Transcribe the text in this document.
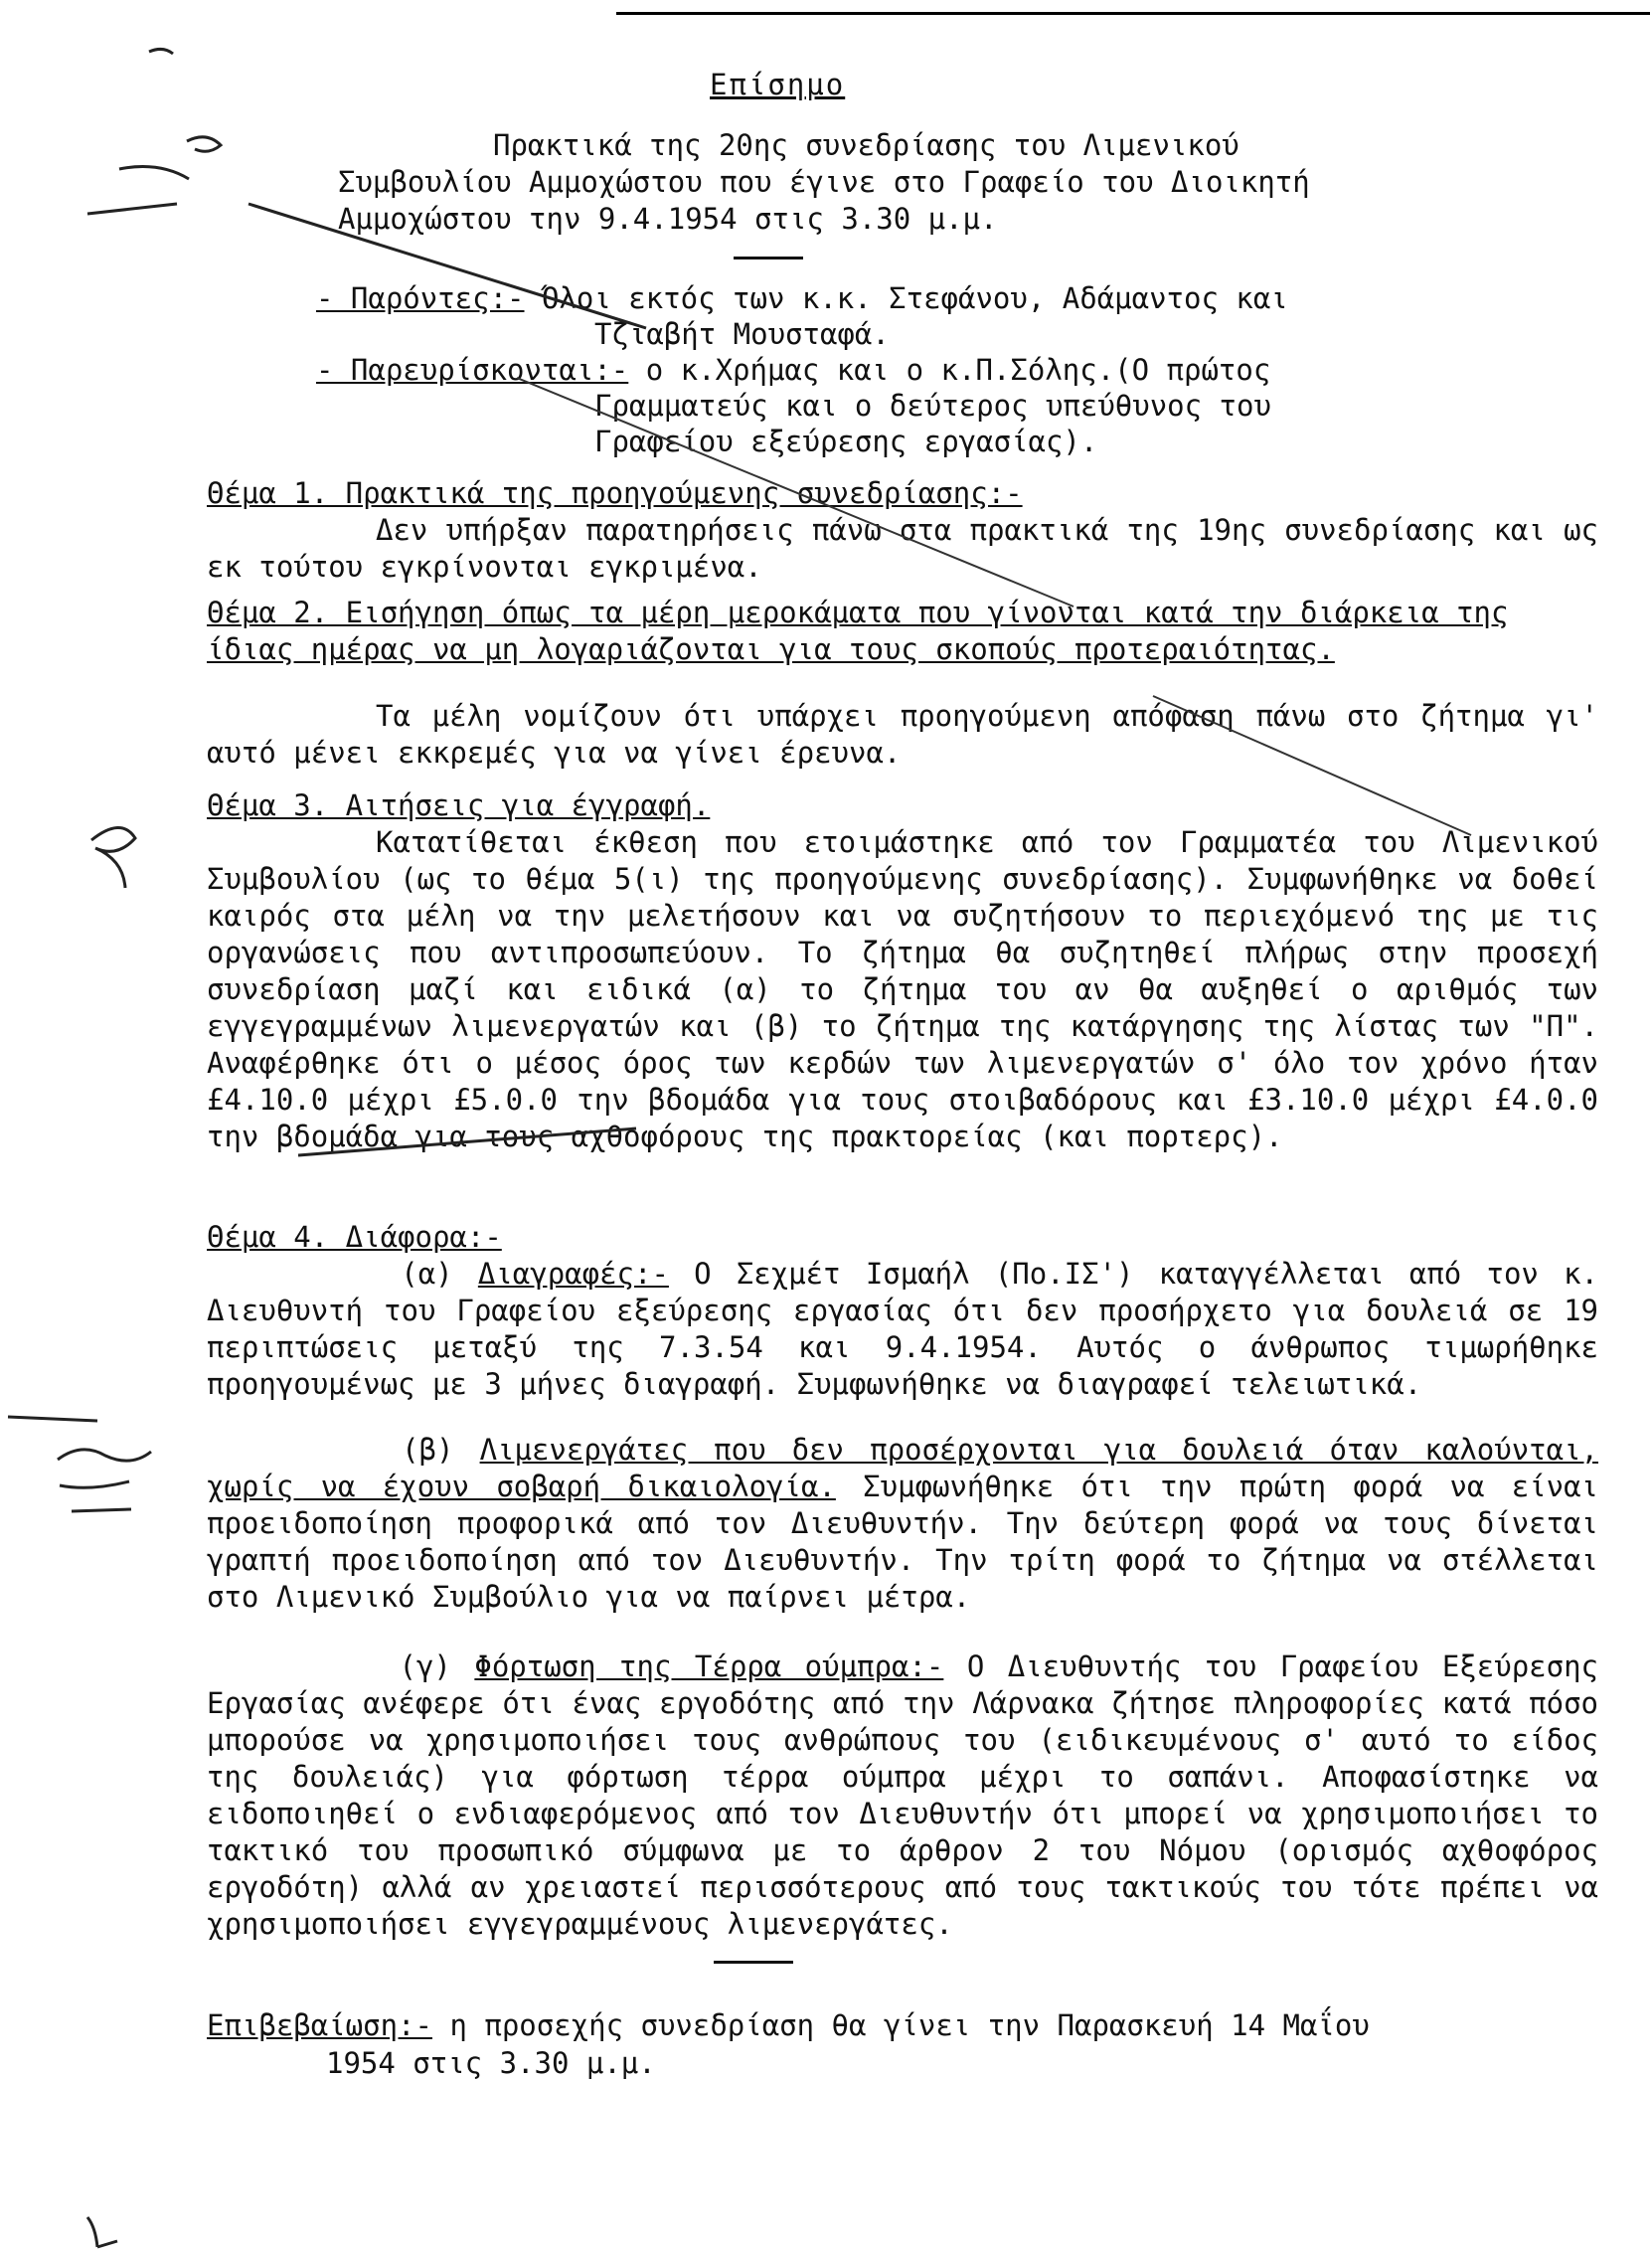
Επίσημο
Πρακτικά της 20ης συνεδρίασης του Λιμενικού
Συμβουλίου Αμμοχώστου που έγινε στο Γραφείο του Διοικητή
Αμμοχώστου την 9.4.1954 στις 3.30 μ.μ.
- Παρόντες:- Όλοι εκτός των κ.κ. Στεφάνου, Αδάμαντος και
Τζιαβήτ Μουσταφά.
- Παρευρίσκονται:- ο κ.Χρήμας και ο κ.Π.Σόλης.(Ο πρώτος
Γραμματεύς και ο δεύτερος υπεύθυνος του
Γραφείου εξεύρεσης εργασίας).
Θέμα 1. Πρακτικά της προηγούμενης συνεδρίασης:-
Δεν υπήρξαν παρατηρήσεις πάνω στα πρακτικά της 19ης συνεδρίασης και ως εκ τούτου εγκρίνονται εγκριμένα.
Θέμα 2. Εισήγηση όπως τα μέρη μεροκάματα που γίνονται κατά την διάρκεια της ίδιας ημέρας να μη λογαριάζονται για τους σκοπούς προτεραιότητας.
Τα μέλη νομίζουν ότι υπάρχει προηγούμενη απόφαση πάνω στο ζήτημα γι' αυτό μένει εκκρεμές για να γίνει έρευνα.
Θέμα 3. Αιτήσεις για έγγραφή.
Κατατίθεται έκθεση που ετοιμάστηκε από τον Γραμματέα του Λιμενικού Συμβουλίου (ως το θέμα 5(ι) της προηγούμενης συνεδρίασης). Συμφωνήθηκε να δοθεί καιρός στα μέλη να την μελετήσουν και να συζητήσουν το περιεχόμενό της με τις οργανώσεις που αντιπροσωπεύουν. Το ζήτημα θα συζητηθεί πλήρως στην προσεχή συνεδρίαση μαζί και ειδικά (α) το ζήτημα του αν θα αυξηθεί ο αριθμός των εγγεγραμμένων λιμενεργατών και (β) το ζήτημα της κατάργησης της λίστας των "Π". Αναφέρθηκε ότι ο μέσος όρος των κερδών των λιμενεργατών σ' όλο τον χρόνο ήταν £4.10.0 μέχρι £5.0.0 την βδομάδα για τους στοιβαδόρους και £3.10.0 μέχρι £4.0.0 την βδομάδα για τους αχθοφόρους της πρακτορείας (και πορτερς).
Θέμα 4. Διάφορα:-
(α) Διαγραφές:- Ο Σεχμέτ Ισμαήλ (Πο.ΙΣ') καταγγέλλεται από τον κ. Διευθυντή του Γραφείου εξεύρεσης εργασίας ότι δεν προσήρχετο για δουλειά σε 19 περιπτώσεις μεταξύ της 7.3.54 και 9.4.1954. Αυτός ο άνθρωπος τιμωρήθηκε προηγουμένως με 3 μήνες διαγραφή. Συμφωνήθηκε να διαγραφεί τελειωτικά.
(β) Λιμενεργάτες που δεν προσέρχονται για δουλειά όταν καλούνται, χωρίς να έχουν σοβαρή δικαιολογία. Συμφωνήθηκε ότι την πρώτη φορά να είναι προειδοποίηση προφορικά από τον Διευθυντήν. Την δεύτερη φορά να τους δίνεται γραπτή προειδοποίηση από τον Διευθυντήν. Την τρίτη φορά το ζήτημα να στέλλεται στο Λιμενικό Συμβούλιο για να παίρνει μέτρα.
(γ) Φόρτωση της Τέρρα ούμπρα:- Ο Διευθυντής του Γραφείου Εξεύρεσης Εργασίας ανέφερε ότι ένας εργοδότης από την Λάρνακα ζήτησε πληροφορίες κατά πόσο μπορούσε να χρησιμοποιήσει τους ανθρώπους του (ειδικευμένους σ' αυτό το είδος της δουλειάς) για φόρτωση τέρρα ούμπρα μέχρι το σαπάνι. Αποφασίστηκε να ειδοποιηθεί ο ενδιαφερόμενος από τον Διευθυντήν ότι μπορεί να χρησιμοποιήσει το τακτικό του προσωπικό σύμφωνα με το άρθρον 2 του Νόμου (ορισμός αχθοφόρος εργοδότη) αλλά αν χρειαστεί περισσότερους από τους τακτικούς του τότε πρέπει να χρησιμοποιήσει εγγεγραμμένους λιμενεργάτες.
Επιβεβαίωση:- η προσεχής συνεδρίαση θα γίνει την Παρασκευή 14 Μαΐου
1954 στις 3.30 μ.μ.
